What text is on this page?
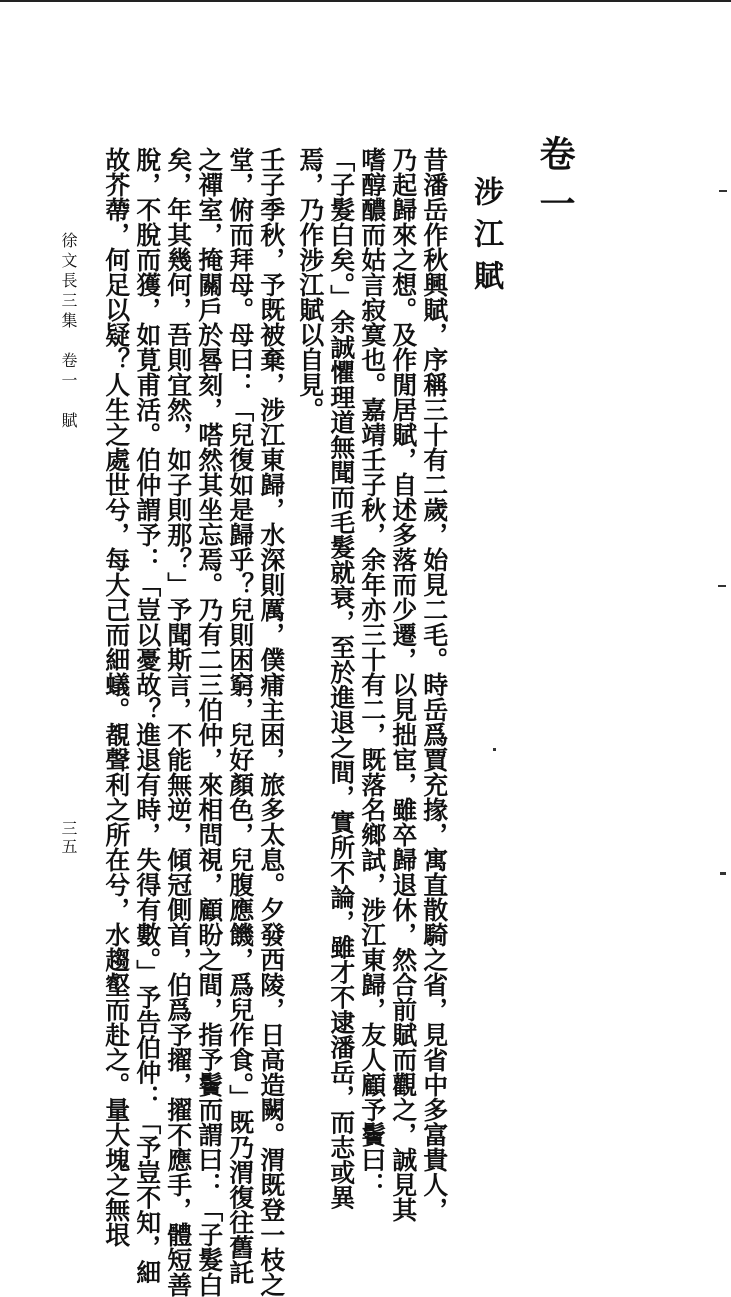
卷一
涉江賦
昔潘岳作秋興賦，序稱三十有二歲，始見二毛。時岳爲賈充掾，寓直散騎之省，見省中多富貴人，
乃起歸來之想。及作閒居賦，自述多落而少遷，以見拙宦，雖卒歸退休，然合前賦而觀之，誠見其
嗜醇醲而姑言寂寞也。嘉靖壬子秋，余年亦三十有二，既落名鄉試，涉江東歸，友人顧予鬢曰：
「子髮白矣。」余誠懼理道無聞而毛髮就衰，至於進退之間，實所不論，雖才不逮潘岳，而志或異
焉，乃作涉江賦以自見。
壬子季秋，予既被棄，涉江東歸，水深則厲，僕痡主困，旅多太息。夕發西陵，日高造闕。渭既登一枝之
堂，俯而拜母。母曰：「兒復如是歸乎？兒則困窮，兒好顏色，兒腹應饑，爲兒作食。」既乃渭復往舊託
之禪室，掩關戶於晷刻，嗒然其坐忘焉。乃有二三伯仲，來相問視，顧盼之間，指予鬢而謂曰：「子髮白
矣，年其幾何，吾則宜然，如子則那？」予聞斯言，不能無逆，傾冠側首，伯爲予擢，擢不應手，體短善
脫，不脫而獲，如莧甫活。伯仲謂予：「豈以憂故？進退有時，失得有數。」予告伯仲：「予豈不知，細
故芥蔕，何足以疑？人生之處世兮，每大己而細蟻。覩聲利之所在兮，水趨壑而赴之。量大塊之無垠
徐文長三集　卷一　賦
三五
